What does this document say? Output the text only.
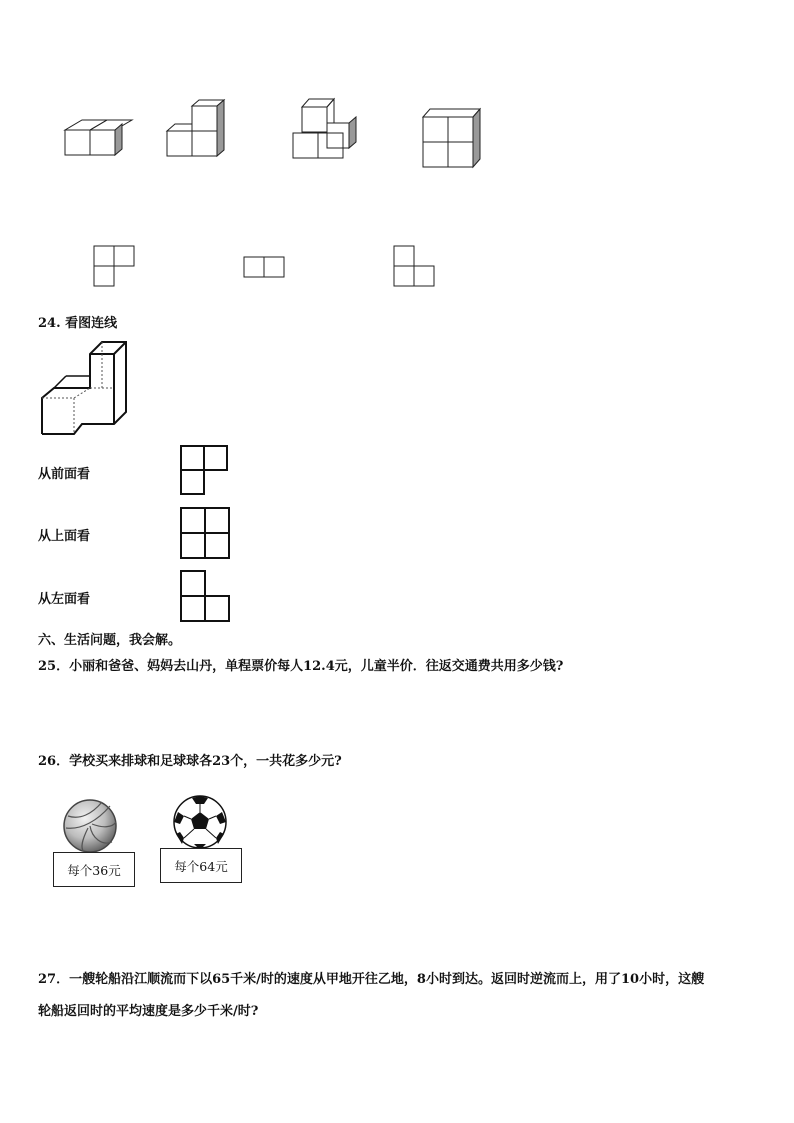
24. 看图连线
从前面看
从上面看
从左面看
六、生活问题，我会解。
25．小丽和爸爸、妈妈去山丹，单程票价每人12.4元，儿童半价．往返交通费共用多少钱?
26．学校买来排球和足球球各23个，一共花多少元?
每个36元	每个64元
27．一艘轮船沿江顺流而下以65千米/时的速度从甲地开往乙地，8小时到达。返回时逆流而上，用了10小时，这艘
轮船返回时的平均速度是多少千米/时?
